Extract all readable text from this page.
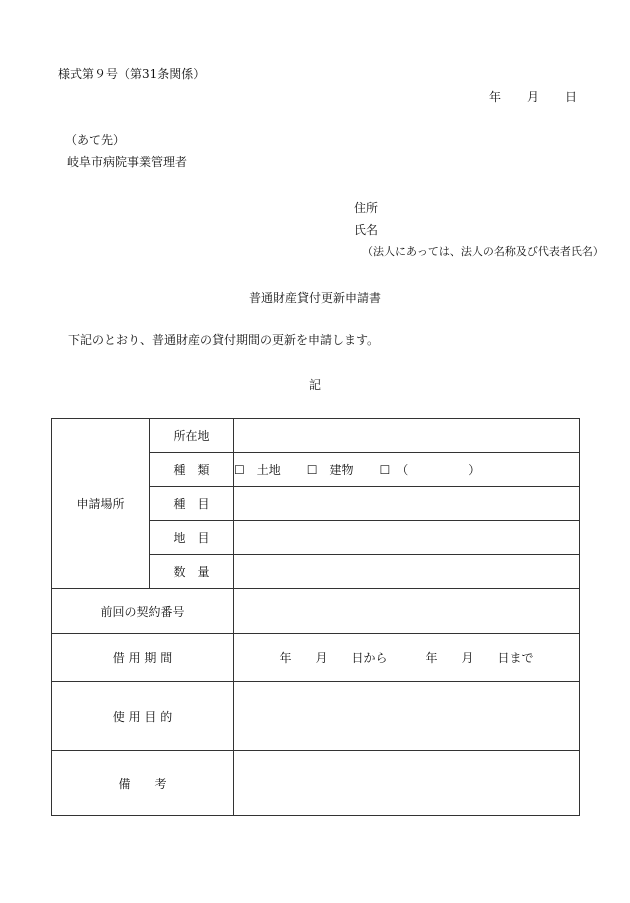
様式第９号（第31条関係）
年 月 日
（あて先）
岐阜市病院事業管理者
住所
氏名
（法人にあっては、法人の名称及び代表者氏名）
普通財産貸付更新申請書
下記のとおり、普通財産の貸付期間の更新を申請します。
記
申請場所	所在地	
	種　類	☐　土地 ☐　建物 ☐　（　　　　　）
	種　目	
	地　目	
	数　量	
前回の契約番号		
借 用 期 間		年 月 日から 年 月 日まで
使 用 目 的		
備　　考		
